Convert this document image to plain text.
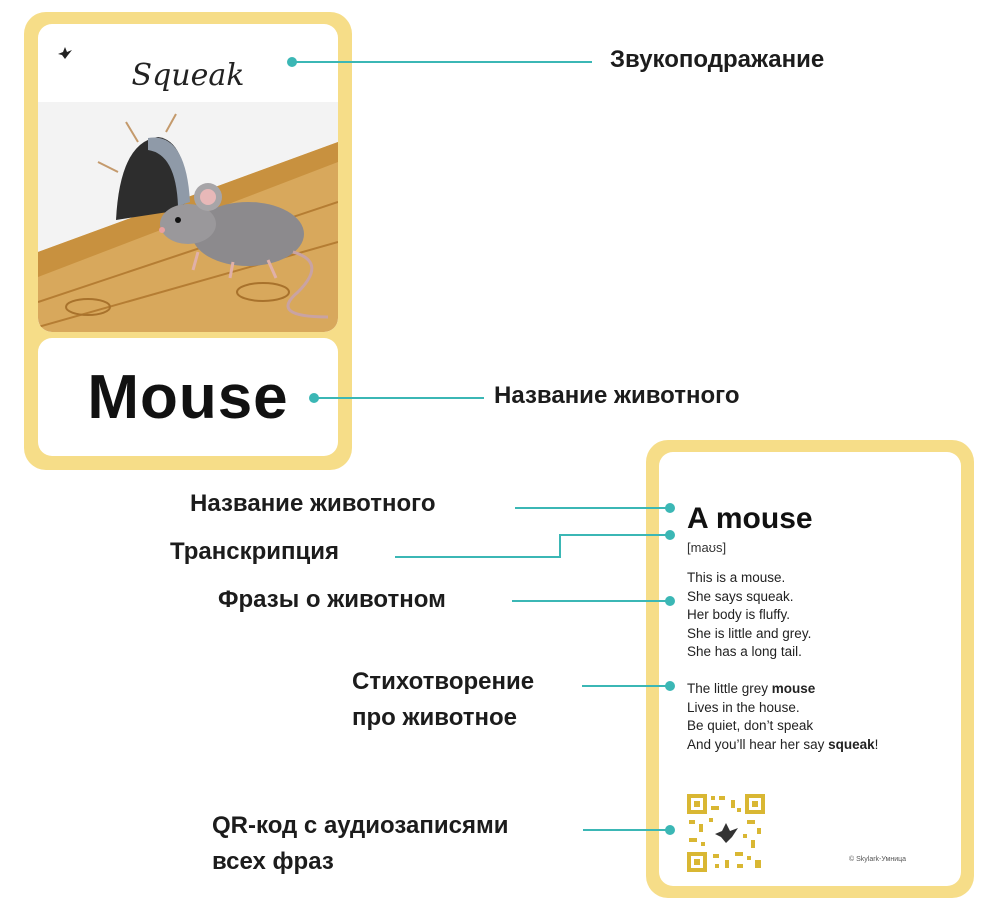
Squeak
Mouse
A mouse
[maʊs]
This is a mouse.
She says squeak.
Her body is fluffy.
She is little and grey.
She has a long tail.
The little grey mouse
Lives in the house.
Be quiet, don’t speak
And you’ll hear her say squeak!
© Skylark-Умница
Звукоподражание
Название животного
Название животного
Транскрипция
Фразы о животном
Стихотворение
про животное
QR-код с аудиозаписями
всех фраз
